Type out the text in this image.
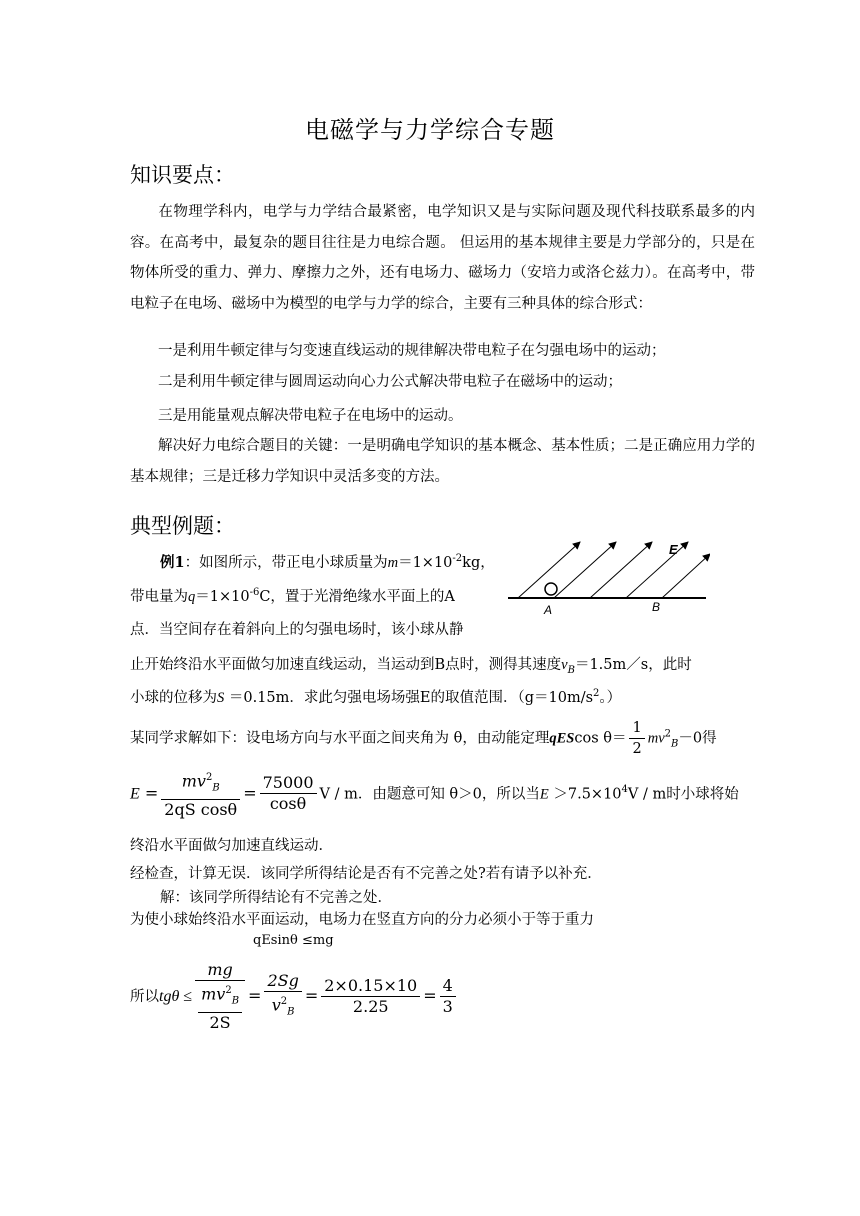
电磁学与力学综合专题
知识要点：
在物理学科内，电学与力学结合最紧密，电学知识又是与实际问题及现代科技联系最多的内容。在高考中，最复杂的题目往往是力电综合题。 但运用的基本规律主要是力学部分的，只是在物体所受的重力、弹力、摩擦力之外，还有电场力、磁场力（安培力或洛仑兹力）。在高考中，带电粒子在电场、磁场中为模型的电学与力学的综合，主要有三种具体的综合形式：
一是利用牛顿定律与匀变速直线运动的规律解决带电粒子在匀强电场中的运动；
二是利用牛顿定律与圆周运动向心力公式解决带电粒子在磁场中的运动；
三是用能量观点解决带电粒子在电场中的运动。
解决好力电综合题目的关键：一是明确电学知识的基本概念、基本性质；二是正确应用力学的基本规律；三是迁移力学知识中灵活多变的方法。
典型例题：
例1：如图所示，带正电小球质量为$m=1\times 10^{-2}kg$，
带电量为$q=1\times 10^{-6}C$，置于光滑绝缘水平面上的A
点．当空间存在着斜向上的匀强电场时，该小球从静
止开始终沿水平面做匀加速直线运动，当运动到B点时，测得其速度$v_B=1.5m/s$，此时
小球的位移为S ＝0.15m．求此匀强电场场强E的取值范围．（$g=10m/s^2$。）
E
A	B
某同学求解如下：设电场方向与水平面之间夹角为 θ，由动能定理qEScos $\theta= \frac{1}{2} mv^2_B-0$得
$E = \frac{mv^2_B}{\text{2qS cosθ}} = \frac{75000}{\cos\theta}$ V / m．由题意可知 θ＞0，所以当$E >7.5\times 10^4V / m$时小球将始
终沿水平面做匀加速直线运动．
经检查，计算无误．该同学所得结论是否有不完善之处?若有请予以补充．
解：该同学所得结论有不完善之处．
为使小球始终沿水平面运动，电场力在竖直方向的分力必须小于等于重力
qEsinθ ≤mg
所以$tg\theta \le \frac{mg}{\frac{mv^2_B}{2S}} = \frac{2Sg}{v^2_B} = \frac{2\times 0.15\times 10}{2.25} = \frac{4}{3}$
